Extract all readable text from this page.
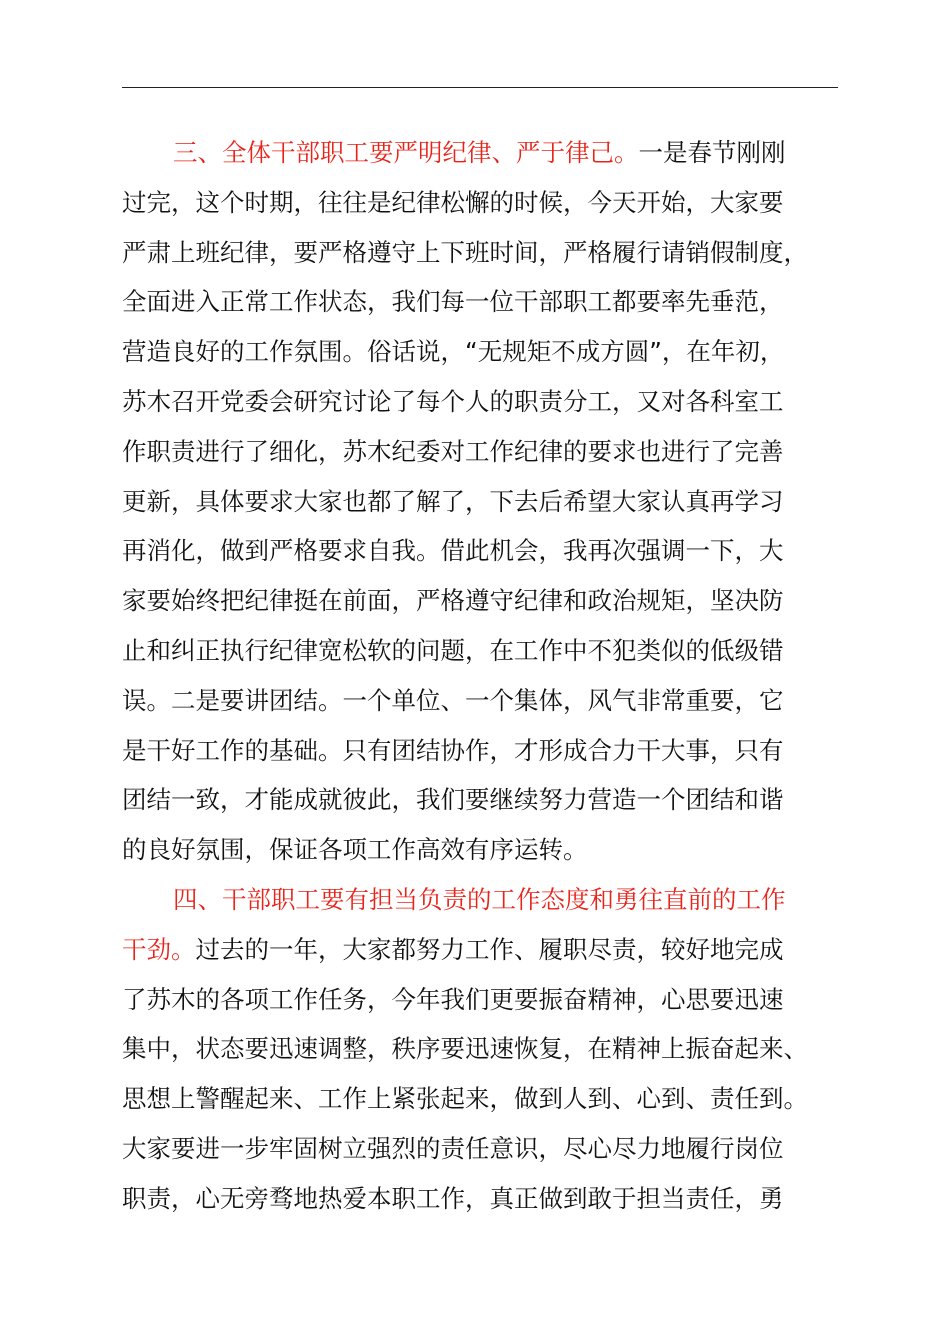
三、全体干部职工要严明纪律、严于律己。一是春节刚刚
过完，这个时期，往往是纪律松懈的时候，今天开始，大家要
严肃上班纪律，要严格遵守上下班时间，严格履行请销假制度，
全面进入正常工作状态，我们每一位干部职工都要率先垂范，
营造良好的工作氛围。俗话说，“无规矩不成方圆”，在年初，
苏木召开党委会研究讨论了每个人的职责分工，又对各科室工
作职责进行了细化，苏木纪委对工作纪律的要求也进行了完善
更新，具体要求大家也都了解了，下去后希望大家认真再学习
再消化，做到严格要求自我。借此机会，我再次强调一下，大
家要始终把纪律挺在前面，严格遵守纪律和政治规矩，坚决防
止和纠正执行纪律宽松软的问题，在工作中不犯类似的低级错
误。二是要讲团结。一个单位、一个集体，风气非常重要，它
是干好工作的基础。只有团结协作，才形成合力干大事，只有
团结一致，才能成就彼此，我们要继续努力营造一个团结和谐
的良好氛围，保证各项工作高效有序运转。
四、干部职工要有担当负责的工作态度和勇往直前的工作
干劲。过去的一年，大家都努力工作、履职尽责，较好地完成
了苏木的各项工作任务，今年我们更要振奋精神，心思要迅速
集中，状态要迅速调整，秩序要迅速恢复，在精神上振奋起来、
思想上警醒起来、工作上紧张起来，做到人到、心到、责任到。
大家要进一步牢固树立强烈的责任意识，尽心尽力地履行岗位
职责，心无旁骛地热爱本职工作，真正做到敢于担当责任，勇
